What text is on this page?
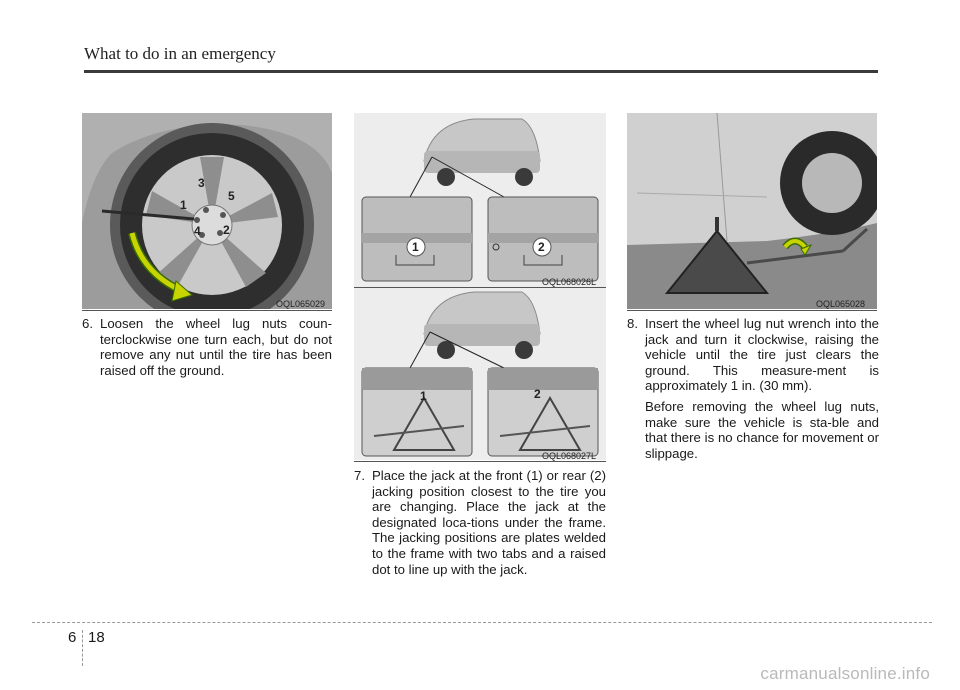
What to do in an emergency
3
5
1
4 2
OQL065029
1	2
OQL068026L
1	2
OQL068027L
OQL065028
6. Loosen the wheel lug nuts coun-terclockwise one turn each, but do not remove any nut until the tire has been raised off the ground.
7. Place the jack at the front (1) or rear (2) jacking position closest to the tire you are changing. Place the jack at the designated loca-tions under the frame. The jacking positions are plates welded to the frame with two tabs and a raised dot to line up with the jack.
8. Insert the wheel lug nut wrench into the jack and turn it clockwise, raising the vehicle until the tire just clears the ground. This measure-ment is approximately 1 in. (30 mm).
Before removing the wheel lug nuts, make sure the vehicle is sta-ble and that there is no chance for movement or slippage.
6 18
carmanualsonline.info
